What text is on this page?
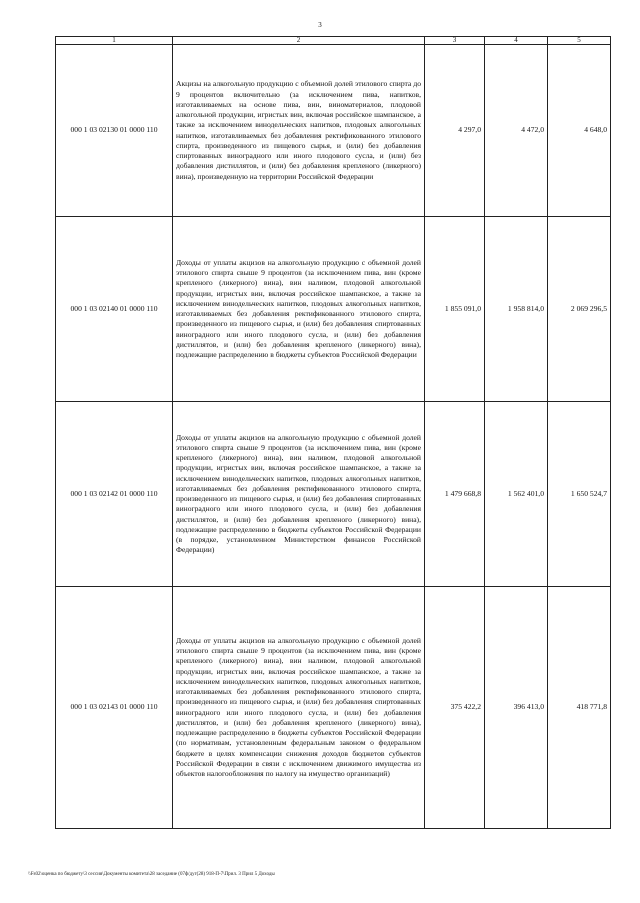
3
1	2	3	4	5
000 1 03 02130 01 0000 110	Акцизы на алкогольную продукцию с объемной долей этилового спирта до 9 процентов включительно (за исключением пива, напитков, изготавливаемых на основе пива, вин, виноматериалов, плодовой алкогольной продукции, игристых вин, включая российское шампанское, а также за исключением винодельческих напитков, плодовых алкогольных напитков, изготавливаемых без добавления ректификованного этилового спирта, произведенного из пищевого сырья, и (или) без добавления спиртованных виноградного или иного плодового сусла, и (или) без добавления дистиллятов, и (или) без добавления крепленого (ликерного) вина), произведенную на территории Российской Федерации	4 297,0	4 472,0	4 648,0
000 1 03 02140 01 0000 110	Доходы от уплаты акцизов на алкогольную продукцию с объемной долей этилового спирта свыше 9 процентов (за исключением пива, вин (кроме крепленого (ликерного) вина), вин наливом, плодовой алкогольной продукции, игристых вин, включая российское шампанское, а также за исключением винодельческих напитков, плодовых алкогольных напитков, изготавливаемых без добавления ректификованного этилового спирта, произведенного из пищевого сырья, и (или) без добавления спиртованных виноградного или иного плодового сусла, и (или) без добавления дистиллятов, и (или) без добавления крепленого (ликерного) вина), подлежащие распределению в бюджеты субъектов Российской Федерации	1 855 091,0	1 958 814,0	2 069 296,5
000 1 03 02142 01 0000 110	Доходы от уплаты акцизов на алкогольную продукцию с объемной долей этилового спирта свыше 9 процентов (за исключением пива, вин (кроме крепленого (ликерного) вина), вин наливом, плодовой алкогольной продукции, игристых вин, включая российское шампанское, а также за исключением винодельческих напитков, плодовых алкогольных напитков, изготавливаемых без добавления ректификованного этилового спирта, произведенного из пищевого сырья, и (или) без добавления спиртованных виноградного или иного плодового сусла, и (или) без добавления дистиллятов, и (или) без добавления крепленого (ликерного) вина), подлежащие распределению в бюджеты субъектов Российской Федерации (в порядке, установленном Министерством финансов Российской Федерации)	1 479 668,8	1 562 401,0	1 650 524,7
000 1 03 02143 01 0000 110	Доходы от уплаты акцизов на алкогольную продукцию с объемной долей этилового спирта свыше 9 процентов (за исключением пива, вин (кроме крепленого (ликерного) вина), вин наливом, плодовой алкогольной продукции, игристых вин, включая российское шампанское, а также за исключением винодельческих напитков, плодовых алкогольных напитков, изготавливаемых без добавления ректификованного этилового спирта, произведенного из пищевого сырья, и (или) без добавления спиртованных виноградного или иного плодового сусла, и (или) без добавления дистиллятов, и (или) без добавления крепленого (ликерного) вина), подлежащие распределению в бюджеты субъектов Российской Федерации (по нормативам, установленным федеральным законом о федеральном бюджете в целях компенсации снижения доходов бюджетов субъектов Российской Федерации в связи с исключением движимого имущества из объектов налогообложения по налогу на имущество организаций)	375 422,2	396 413,0	418 771,8
\\Fs02\оценка по бюджету\3 сессия\Документы комитета\28 заседание (07ф/дуг(28) 918-П-7\Прил. 3 Прил 5 Доходы
